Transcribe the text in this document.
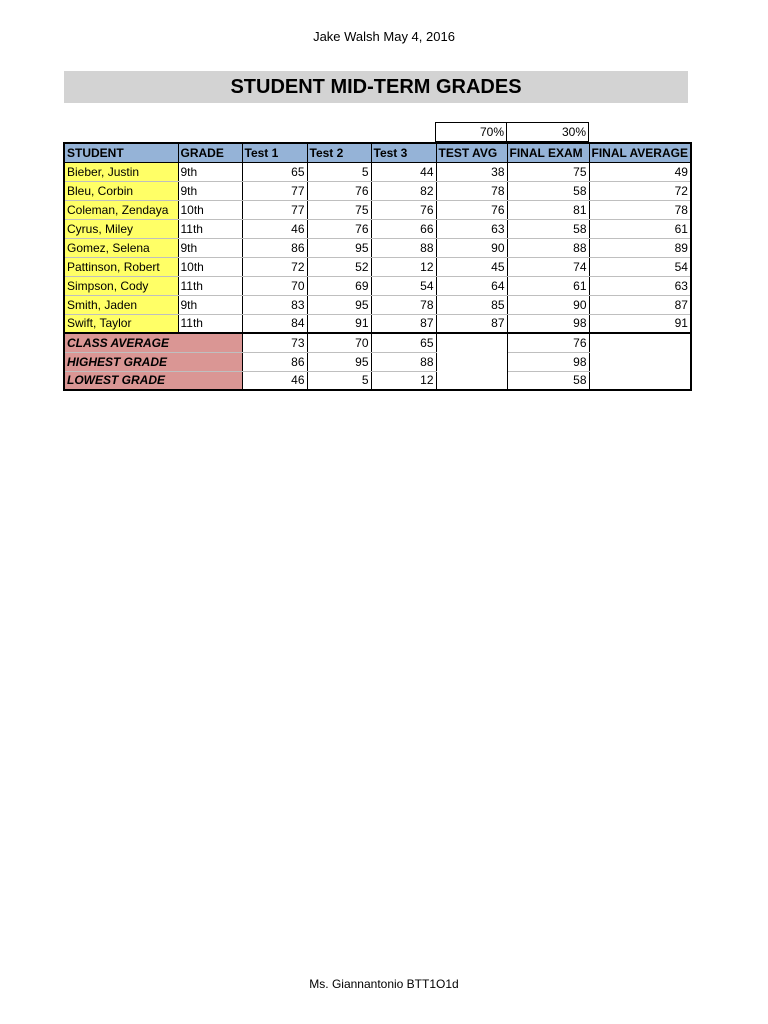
Jake Walsh May 4, 2016
STUDENT MID-TERM GRADES
70%	30%
STUDENT	GRADE	Test 1	Test 2	Test 3	TEST AVG	FINAL EXAM	FINAL AVERAGE
Bieber, Justin	9th	65	5	44	38	75	49
Bleu, Corbin	9th	77	76	82	78	58	72
Coleman, Zendaya	10th	77	75	76	76	81	78
Cyrus, Miley	11th	46	76	66	63	58	61
Gomez, Selena	9th	86	95	88	90	88	89
Pattinson, Robert	10th	72	52	12	45	74	54
Simpson, Cody	11th	70	69	54	64	61	63
Smith, Jaden	9th	83	95	78	85	90	87
Swift, Taylor	11th	84	91	87	87	98	91
CLASS AVERAGE		73	70	65		76	
HIGHEST GRADE		86	95	88		98	
LOWEST GRADE		46	5	12		58	
Ms. Giannantonio BTT1O1d
